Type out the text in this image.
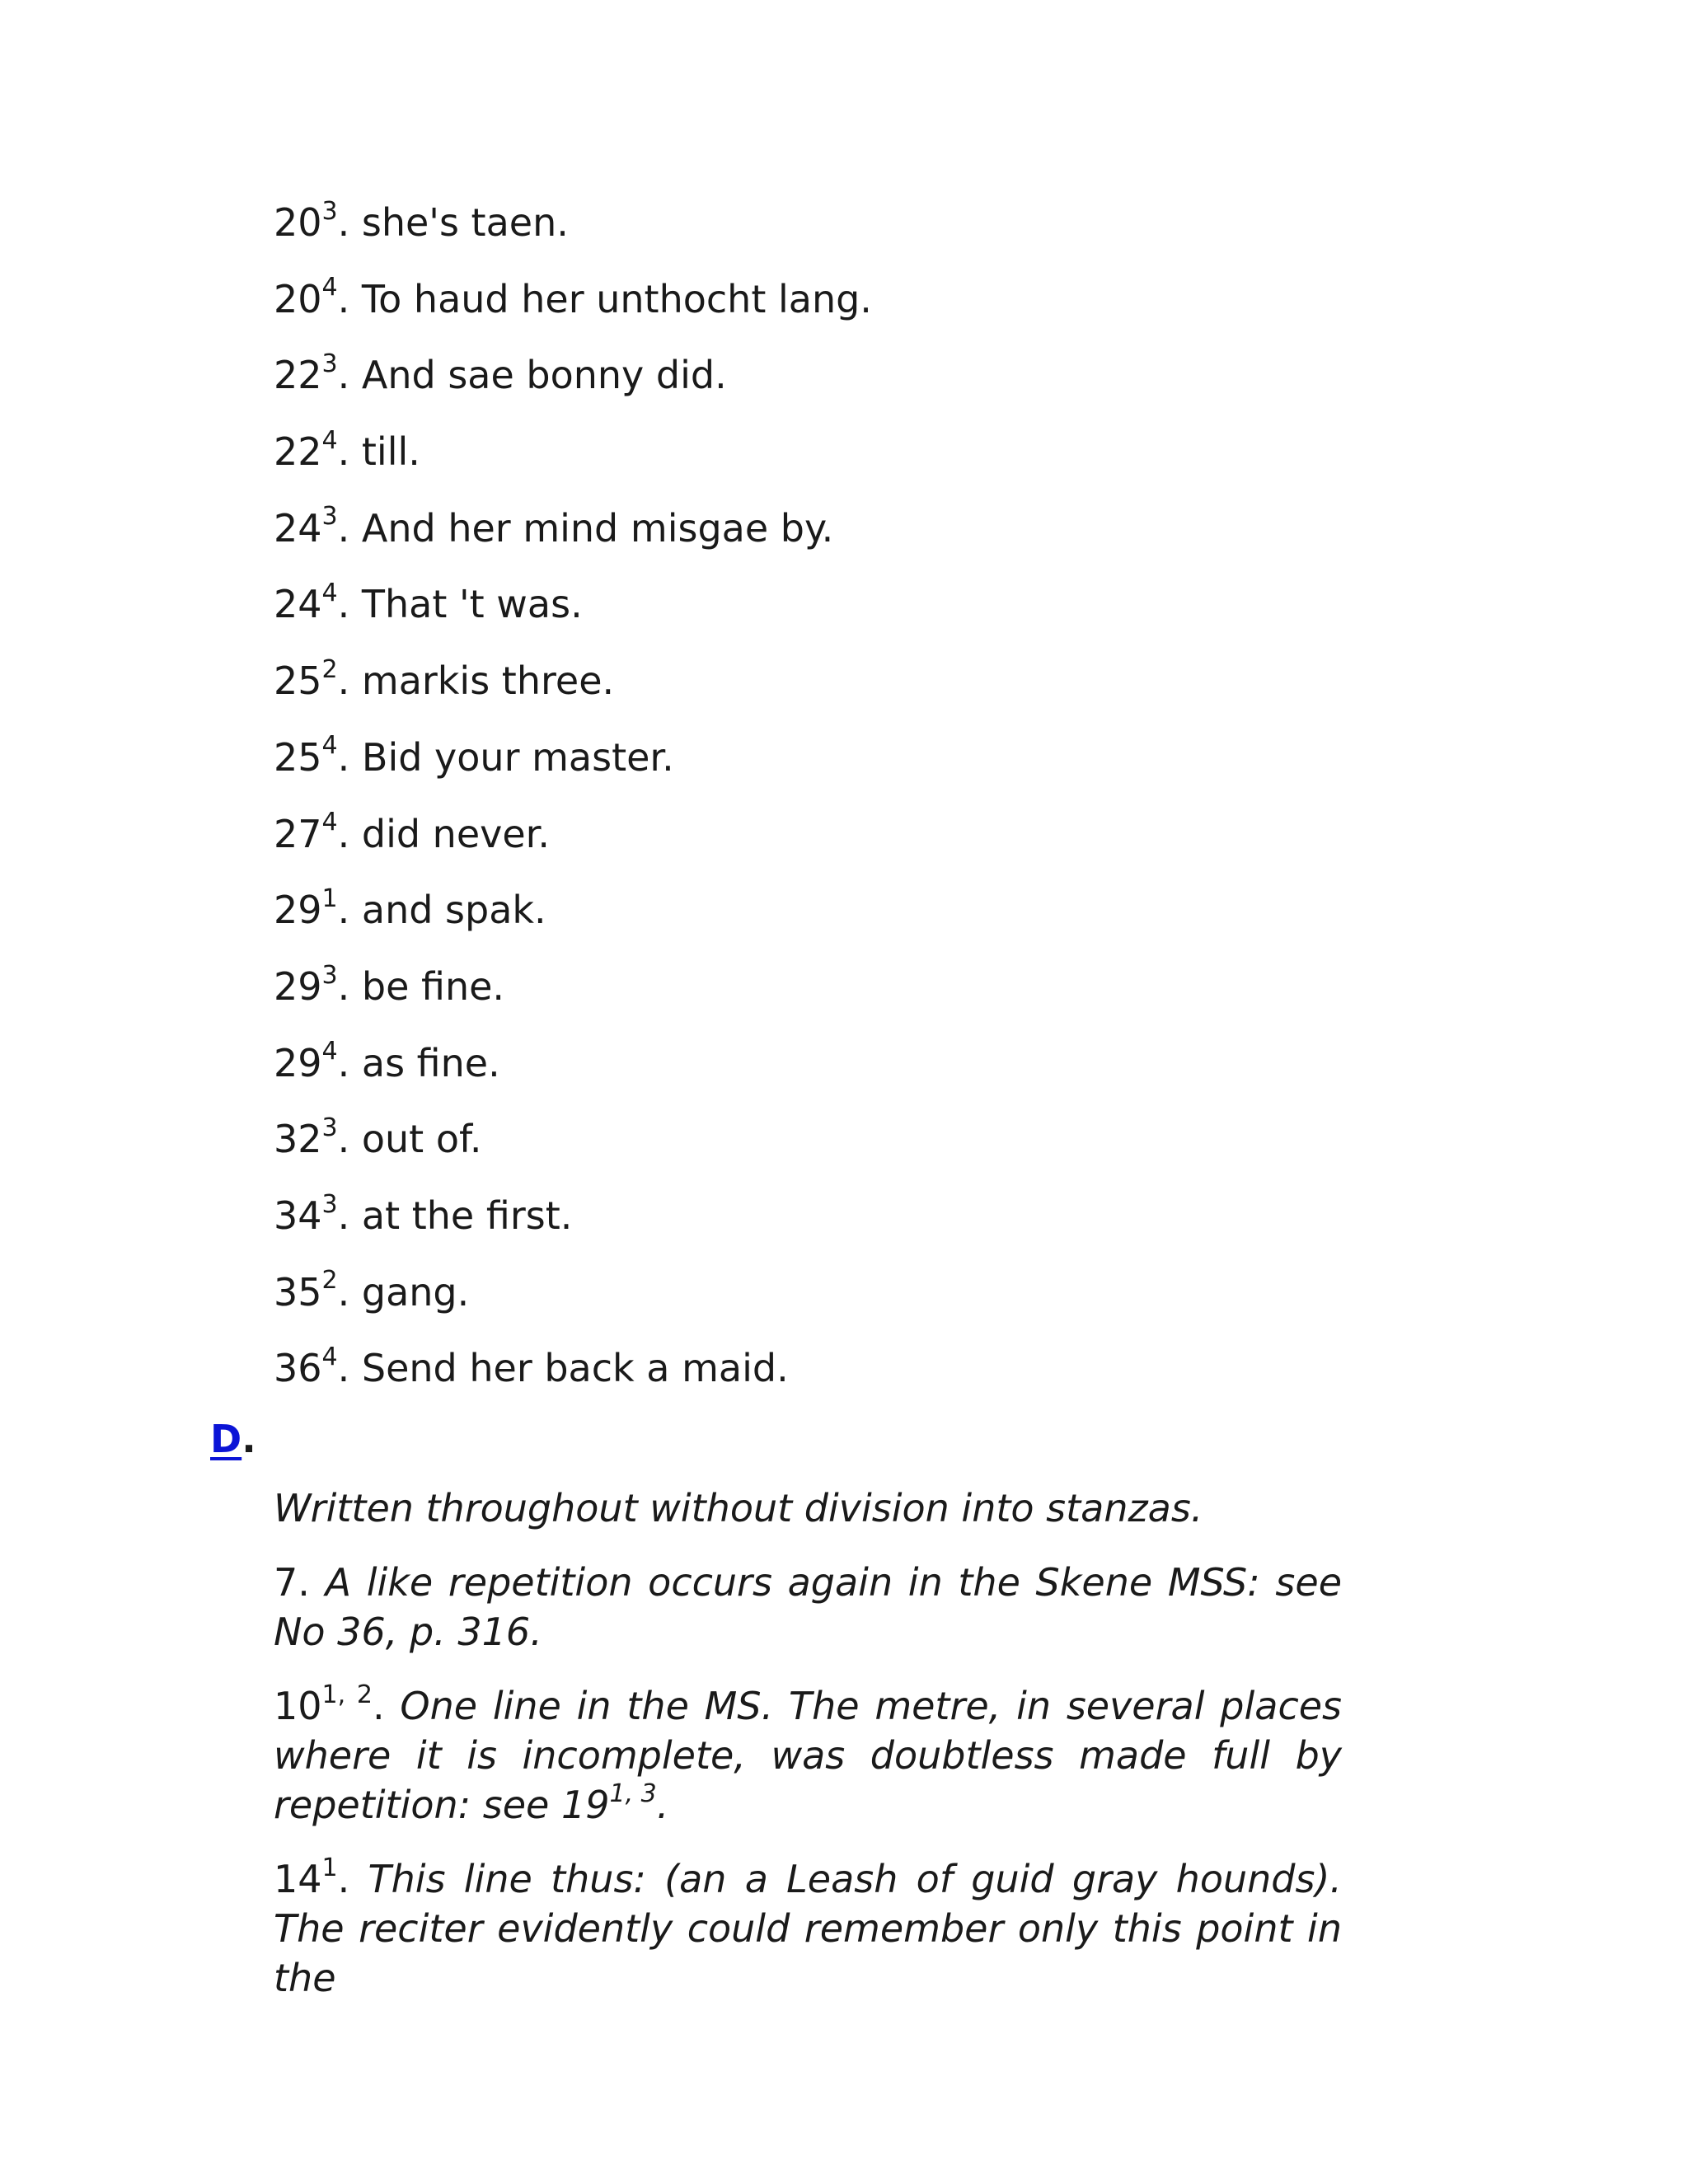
$20^3$. she's taen.
$20^4$. To haud her unthocht lang.
$22^3$. And sae bonny did.
$22^4$. till.
$24^3$. And her mind misgae by.
$24^4$. That 't was.
$25^2$. markis three.
$25^4$. Bid your master.
$27^4$. did never.
$29^1$. and spak.
$29^3$. be fine.
$29^4$. as fine.
$32^3$. out of.
$34^3$. at the first.
$35^2$. gang.
$36^4$. Send her back a maid.
D.

Written throughout without division into stanzas.

7. A like repetition occurs again in the Skene MSS: see No 36, p. 316.

10$^{1, 2}$. One line in the MS. The metre, in several places where it is incomplete, was doubtless made full by repetition: see 19$^{1, 3}$.

$14^1$. This line thus: (an a Leash of guid gray hounds). The reciter evidently could remember only this point in the
